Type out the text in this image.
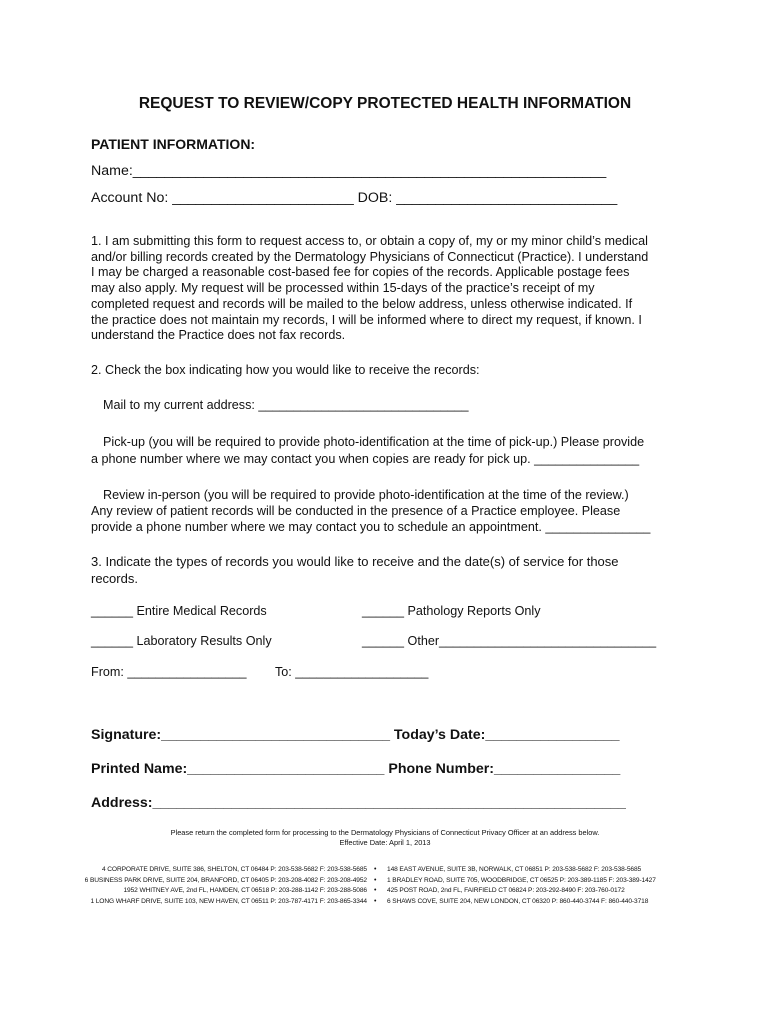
REQUEST TO REVIEW/COPY PROTECTED HEALTH INFORMATION
PATIENT INFORMATION:
Name:____________________________________________________________
Account No: _______________________ DOB: ____________________________
1. I am submitting this form to request access to, or obtain a copy of, my or my minor child’s medical
and/or billing records created by the Dermatology Physicians of Connecticut (Practice). I understand
I may be charged a reasonable cost-based fee for copies of the records. Applicable postage fees
may also apply. My request will be processed within 15-days of the practice’s receipt of my
completed request and records will be mailed to the below address, unless otherwise indicated. If
the practice does not maintain my records, I will be informed where to direct my request, if known. I
understand the Practice does not fax records.
2. Check the box indicating how you would like to receive the records:
Mail to my current address: ______________________________
Pick-up (you will be required to provide photo-identification at the time of pick-up.) Please provide
a phone number where we may contact you when copies are ready for pick up. _______________
Review in-person (you will be required to provide photo-identification at the time of the review.)
Any review of patient records will be conducted in the presence of a Practice employee. Please
provide a phone number where we may contact you to schedule an appointment. _______________
3. Indicate the types of records you would like to receive and the date(s) of service for those
records.
______ Entire Medical Records	______ Pathology Reports Only
______ Laboratory Results Only	______ Other_______________________________
From: _________________ To: ___________________
Signature:_____________________________ Today’s Date:_________________
Printed Name:_________________________ Phone Number:________________
Address:____________________________________________________________
Please return the completed form for processing to the Dermatology Physicians of Connecticut Privacy Officer at an address below.
Effective Date: April 1, 2013
4 CORPORATE DRIVE, SUITE 386, SHELTON, CT 06484 P: 203-538-5682 F: 203-538-5685 • 148 EAST AVENUE, SUITE 3B, NORWALK, CT 06851 P: 203-538-5682 F: 203-538-5685
6 BUSINESS PARK DRIVE, SUITE 204, BRANFORD, CT 06405 P: 203-208-4082 F: 203-208-4952 • 1 BRADLEY ROAD, SUITE 705, WOODBRIDGE, CT 06525 P: 203-389-1185 F: 203-389-1427
1952 WHITNEY AVE, 2nd FL, HAMDEN, CT 06518 P: 203-288-1142 F: 203-288-5086 • 425 POST ROAD, 2nd FL, FAIRFIELD CT 06824 P: 203-292-8490 F: 203-760-0172
1 LONG WHARF DRIVE, SUITE 103, NEW HAVEN, CT 06511 P: 203-787-4171 F: 203-865-3344 • 6 SHAWS COVE, SUITE 204, NEW LONDON, CT 06320 P: 860-440-3744 F: 860-440-3718
